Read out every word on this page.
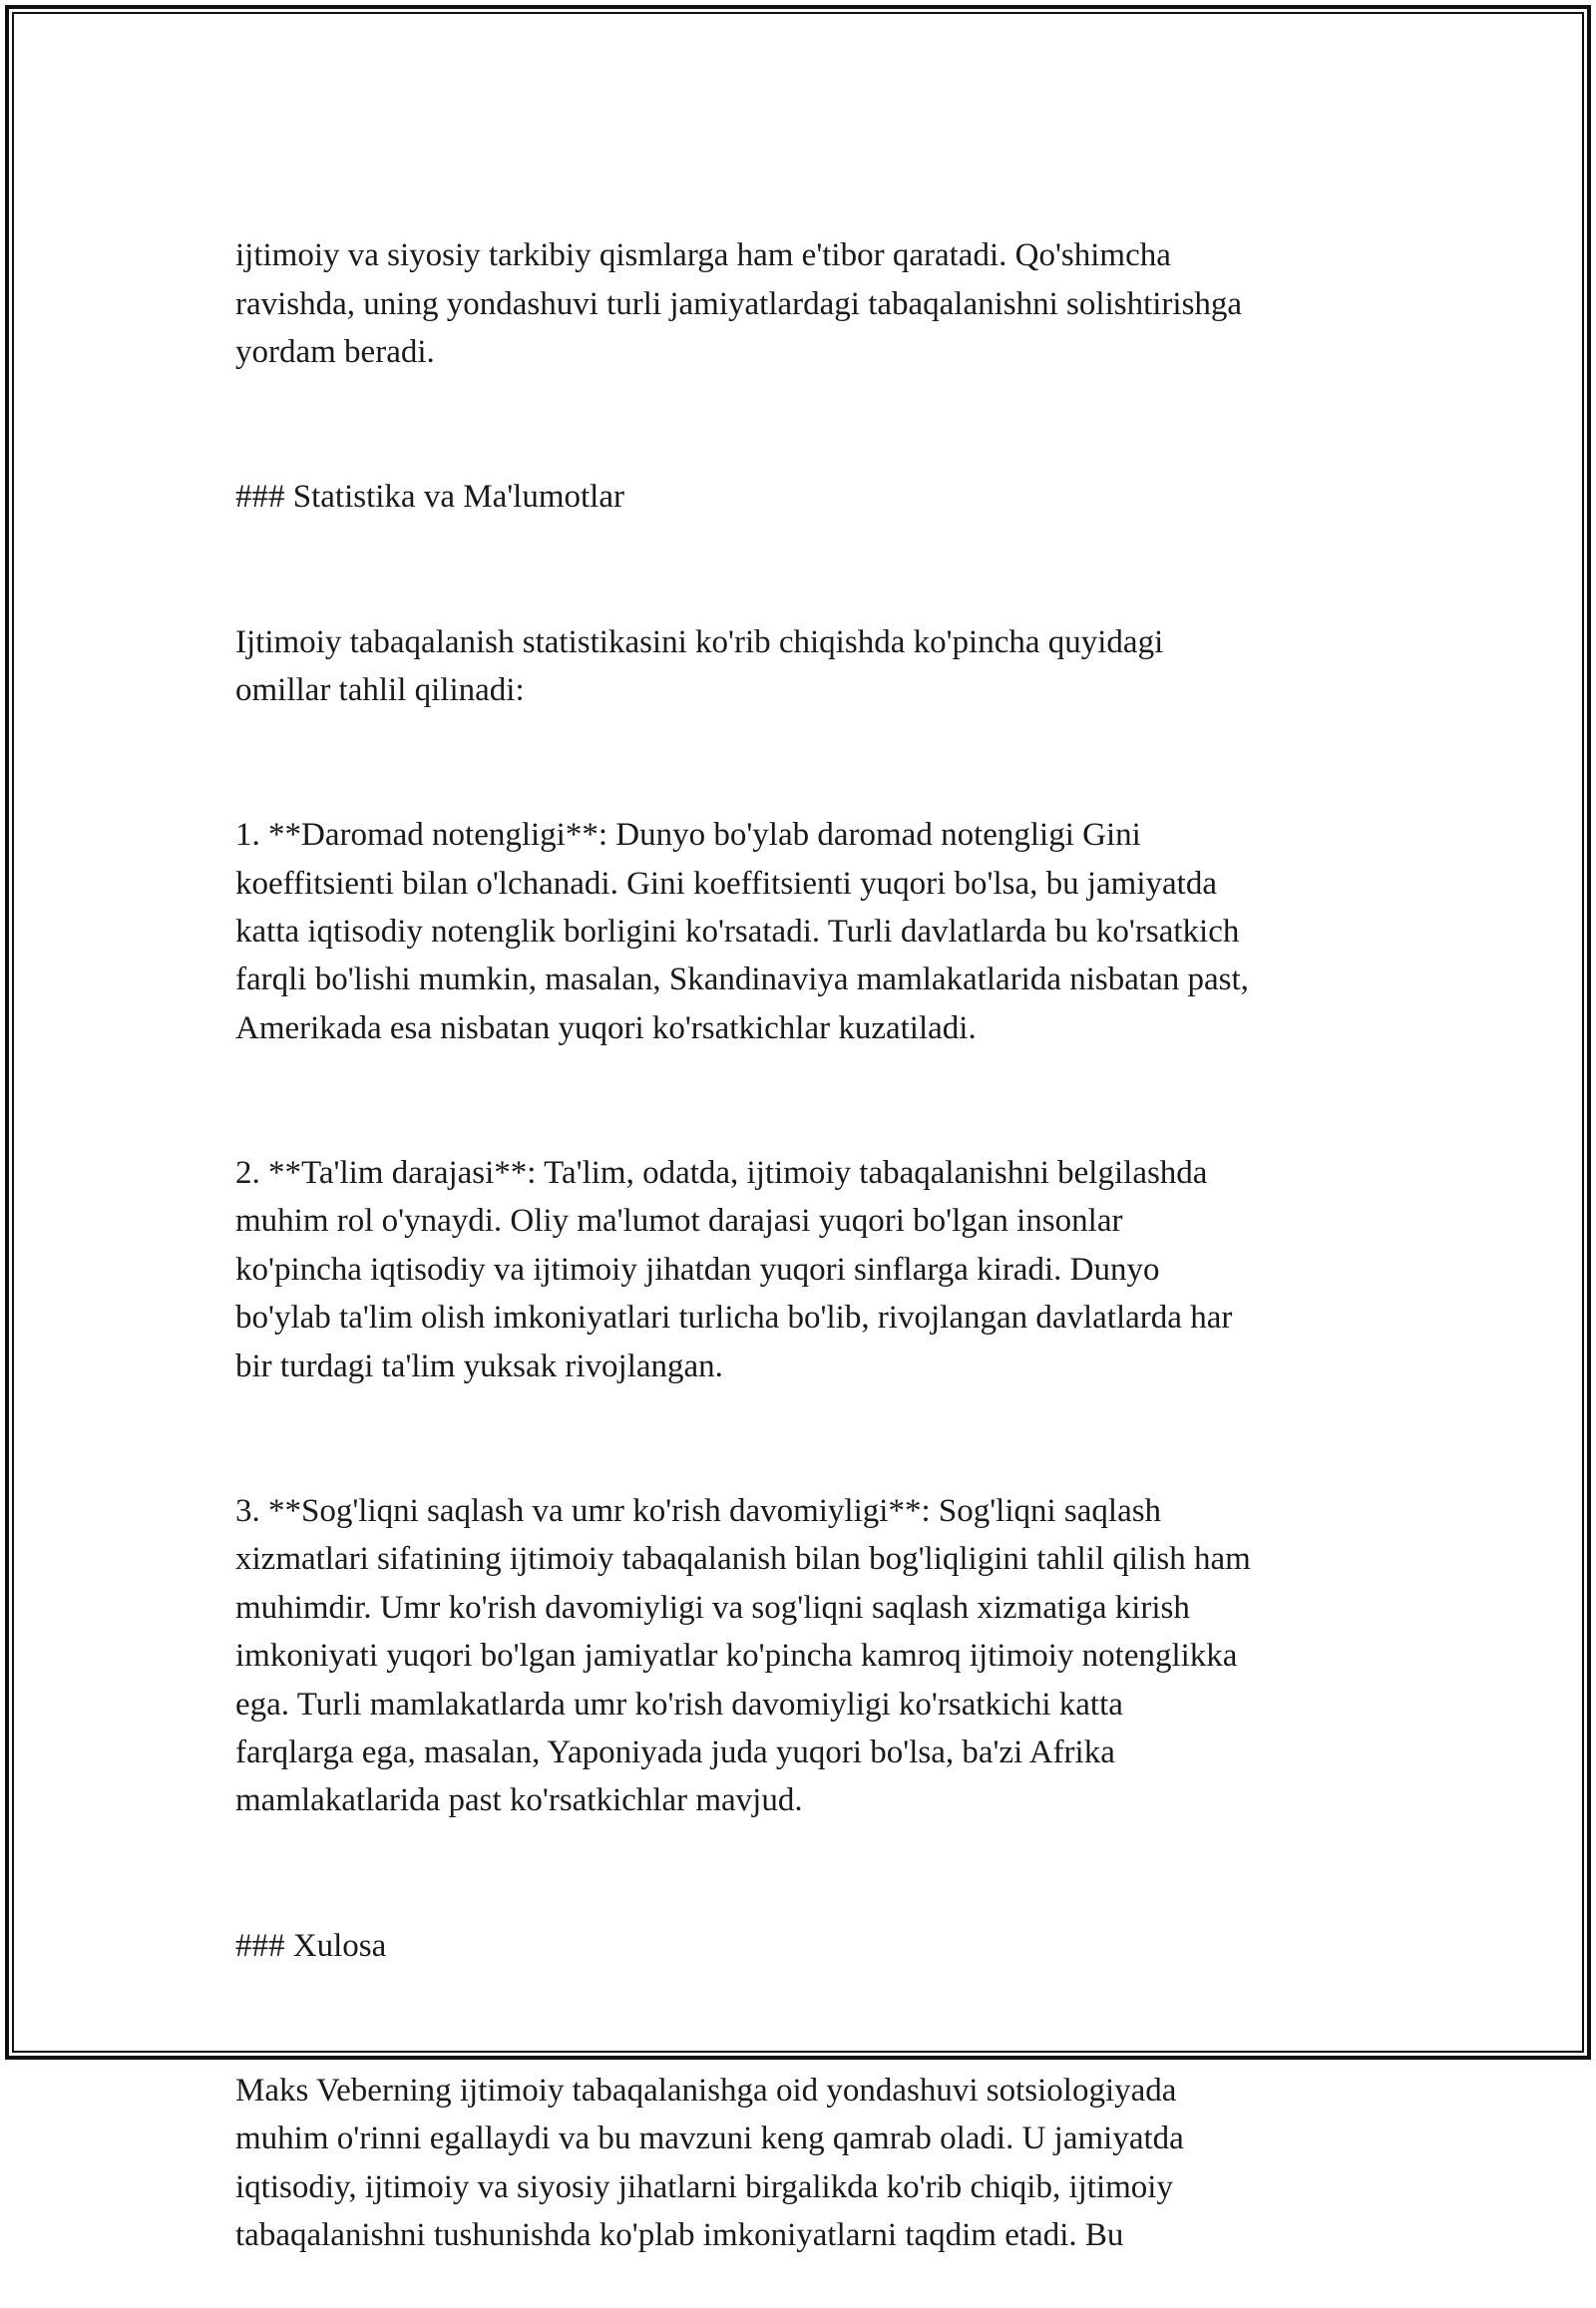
ijtimoiy va siyosiy tarkibiy qismlarga ham e'tibor qaratadi. Qo'shimcha
ravishda, uning yondashuvi turli jamiyatlardagi tabaqalanishni solishtirishga
yordam beradi.

### Statistika va Ma'lumotlar

Ijtimoiy tabaqalanish statistikasini ko'rib chiqishda ko'pincha quyidagi
omillar tahlil qilinadi:

1. **Daromad notengligi**: Dunyo bo'ylab daromad notengligi Gini
koeffitsienti bilan o'lchanadi. Gini koeffitsienti yuqori bo'lsa, bu jamiyatda
katta iqtisodiy notenglik borligini ko'rsatadi. Turli davlatlarda bu ko'rsatkich
farqli bo'lishi mumkin, masalan, Skandinaviya mamlakatlarida nisbatan past,
Amerikada esa nisbatan yuqori ko'rsatkichlar kuzatiladi.

2. **Ta'lim darajasi**: Ta'lim, odatda, ijtimoiy tabaqalanishni belgilashda
muhim rol o'ynaydi. Oliy ma'lumot darajasi yuqori bo'lgan insonlar
ko'pincha iqtisodiy va ijtimoiy jihatdan yuqori sinflarga kiradi. Dunyo
bo'ylab ta'lim olish imkoniyatlari turlicha bo'lib, rivojlangan davlatlarda har
bir turdagi ta'lim yuksak rivojlangan.

3. **Sog'liqni saqlash va umr ko'rish davomiyligi**: Sog'liqni saqlash
xizmatlari sifatining ijtimoiy tabaqalanish bilan bog'liqligini tahlil qilish ham
muhimdir. Umr ko'rish davomiyligi va sog'liqni saqlash xizmatiga kirish
imkoniyati yuqori bo'lgan jamiyatlar ko'pincha kamroq ijtimoiy notenglikka
ega. Turli mamlakatlarda umr ko'rish davomiyligi ko'rsatkichi katta
farqlarga ega, masalan, Yaponiyada juda yuqori bo'lsa, ba'zi Afrika
mamlakatlarida past ko'rsatkichlar mavjud.

### Xulosa

Maks Veberning ijtimoiy tabaqalanishga oid yondashuvi sotsiologiyada
muhim o'rinni egallaydi va bu mavzuni keng qamrab oladi. U jamiyatda
iqtisodiy, ijtimoiy va siyosiy jihatlarni birgalikda ko'rib chiqib, ijtimoiy
tabaqalanishni tushunishda ko'plab imkoniyatlarni taqdim etadi. Bu
